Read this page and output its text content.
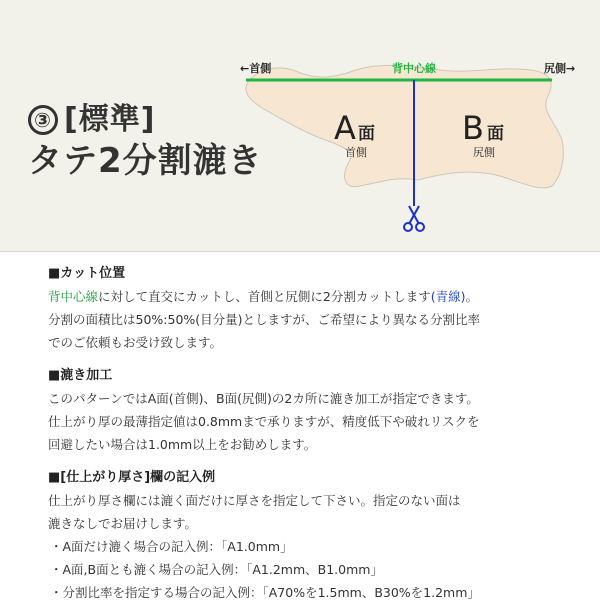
③ [標準]
タテ2分割漉き
背中心線
←首側	尻側→
A 面
首側
B 面
尻側
■カット位置
背中心線に対して直交にカットし、首側と尻側に2分割カットします(青線)。
分割の面積比は50%:50%(目分量)としますが、ご希望により異なる分割比率
でのご依頼もお受け致します。
■漉き加工
このパターンではA面(首側)、B面(尻側)の2カ所に漉き加工が指定できます。
仕上がり厚の最薄指定値は0.8mmまで承りますが、精度低下や破れリスクを
回避したい場合は1.0mm以上をお勧めします。
■[仕上がり厚さ]欄の記入例
仕上がり厚さ欄には漉く面だけに厚さを指定して下さい。指定のない面は
漉きなしでお届けします。
・A面だけ漉く場合の記入例：「A1.0mm」
・A面,B面とも漉く場合の記入例：「A1.2mm、B1.0mm」
・分割比率を指定する場合の記入例：「A70%を1.5mm、B30%を1.2mm」
